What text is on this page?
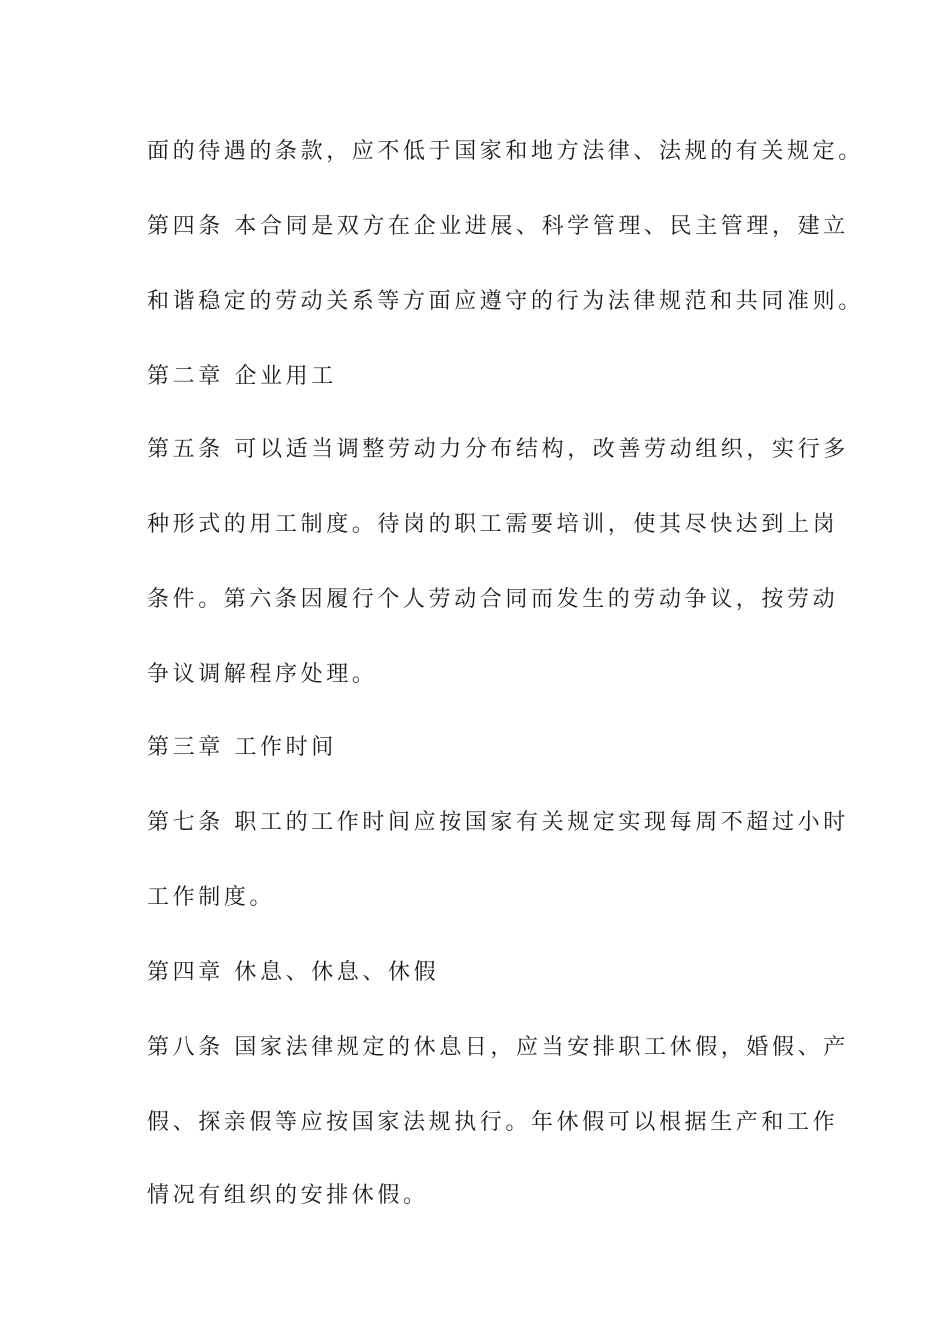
面的待遇的条款，应不低于国家和地方法律、法规的有关规定。
第四条 本合同是双方在企业进展、科学管理、民主管理，建立
和谐稳定的劳动关系等方面应遵守的行为法律规范和共同准则。
第二章 企业用工
第五条 可以适当调整劳动力分布结构，改善劳动组织，实行多
种形式的用工制度。待岗的职工需要培训，使其尽快达到上岗
条件。第六条因履行个人劳动合同而发生的劳动争议，按劳动
争议调解程序处理。
第三章 工作时间
第七条 职工的工作时间应按国家有关规定实现每周不超过小时
工作制度。
第四章 休息、休息、休假
第八条 国家法律规定的休息日，应当安排职工休假，婚假、产
假、探亲假等应按国家法规执行。年休假可以根据生产和工作
情况有组织的安排休假。
